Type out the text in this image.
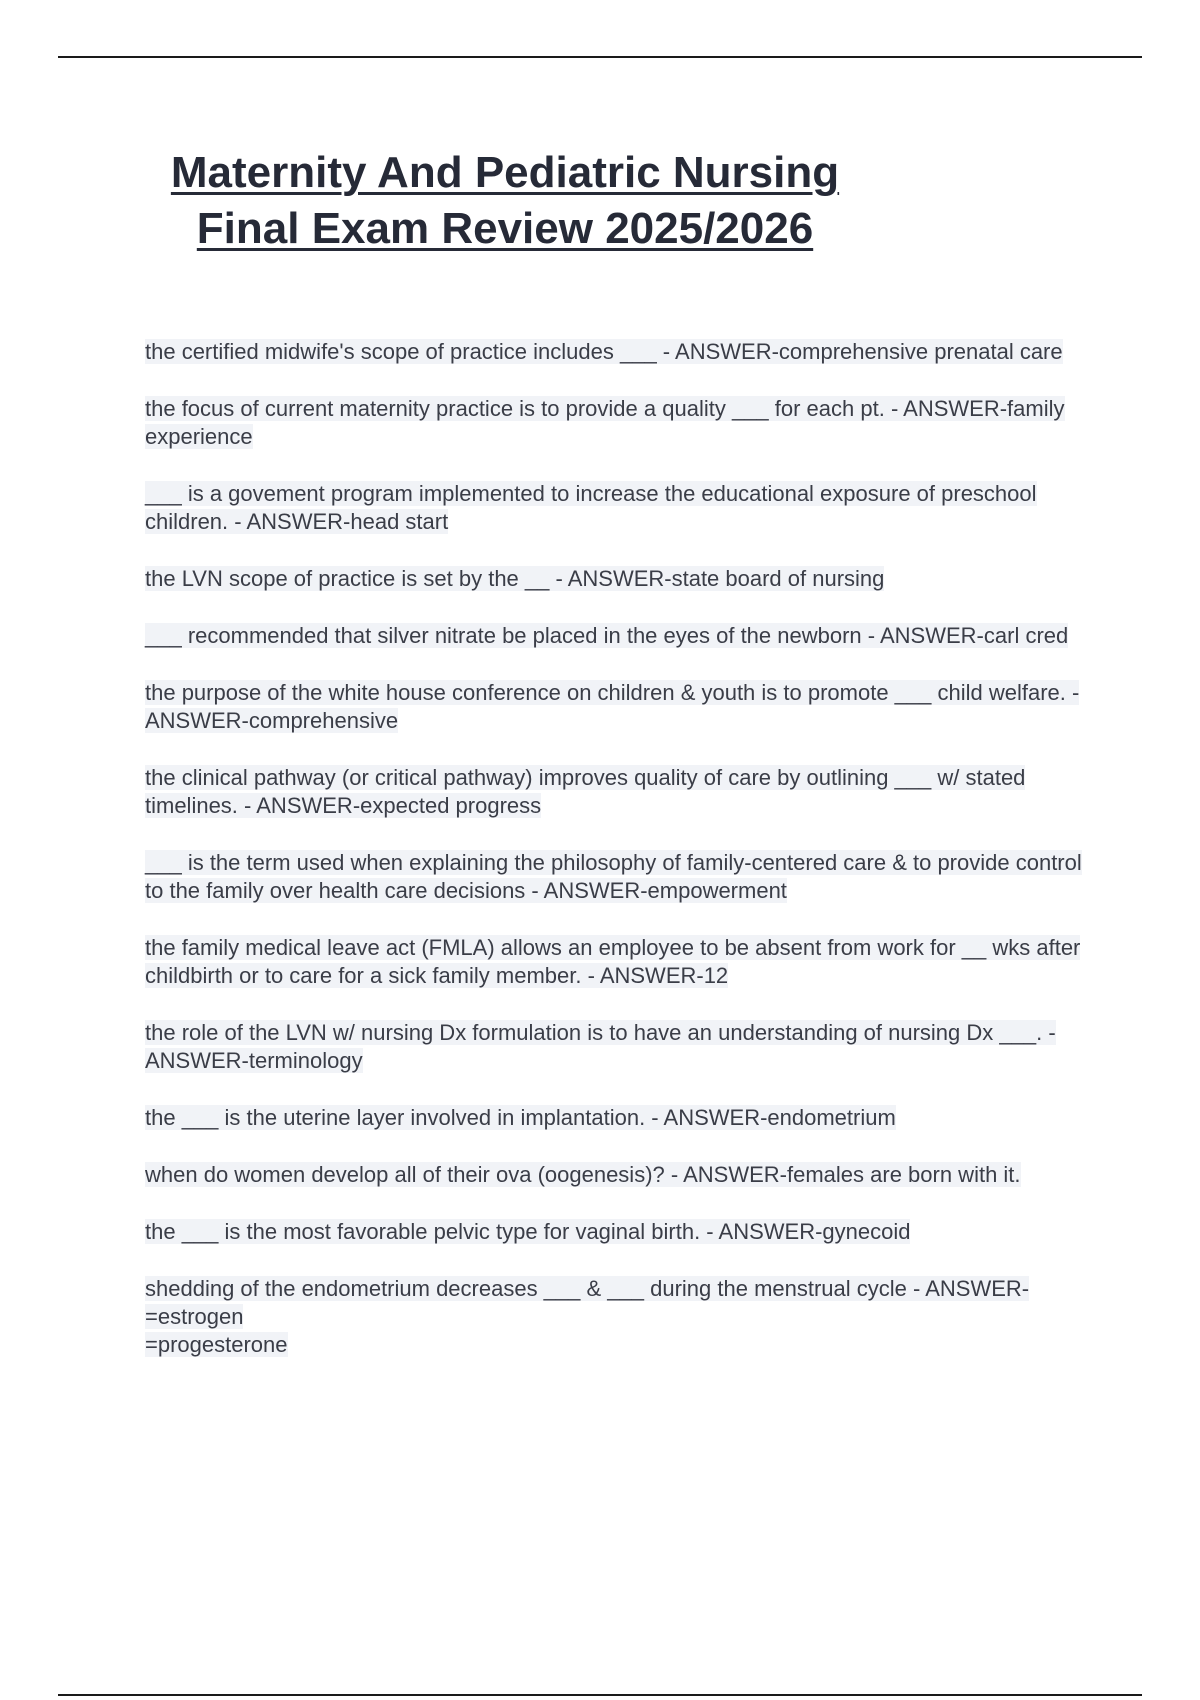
Maternity And Pediatric Nursing Final Exam Review 2025/2026

the certified midwife's scope of practice includes ___ - ANSWER-comprehensive prenatal care

the focus of current maternity practice is to provide a quality ___ for each pt. - ANSWER-family experience

___ is a govement program implemented to increase the educational exposure of preschool children. - ANSWER-head start

the LVN scope of practice is set by the __ - ANSWER-state board of nursing

___ recommended that silver nitrate be placed in the eyes of the newborn - ANSWER-carl cred

the purpose of the white house conference on children & youth is to promote ___ child welfare. - ANSWER-comprehensive

the clinical pathway (or critical pathway) improves quality of care by outlining ___ w/ stated timelines. - ANSWER-expected progress

___ is the term used when explaining the philosophy of family-centered care & to provide control to the family over health care decisions - ANSWER-empowerment

the family medical leave act (FMLA) allows an employee to be absent from work for __ wks after childbirth or to care for a sick family member. - ANSWER-12

the role of the LVN w/ nursing Dx formulation is to have an understanding of nursing Dx ___. - ANSWER-terminology

the ___ is the uterine layer involved in implantation. - ANSWER-endometrium

when do women develop all of their ova (oogenesis)? - ANSWER-females are born with it.

the ___ is the most favorable pelvic type for vaginal birth. - ANSWER-gynecoid

shedding of the endometrium decreases ___ & ___ during the menstrual cycle - ANSWER-=estrogen
=progesterone
